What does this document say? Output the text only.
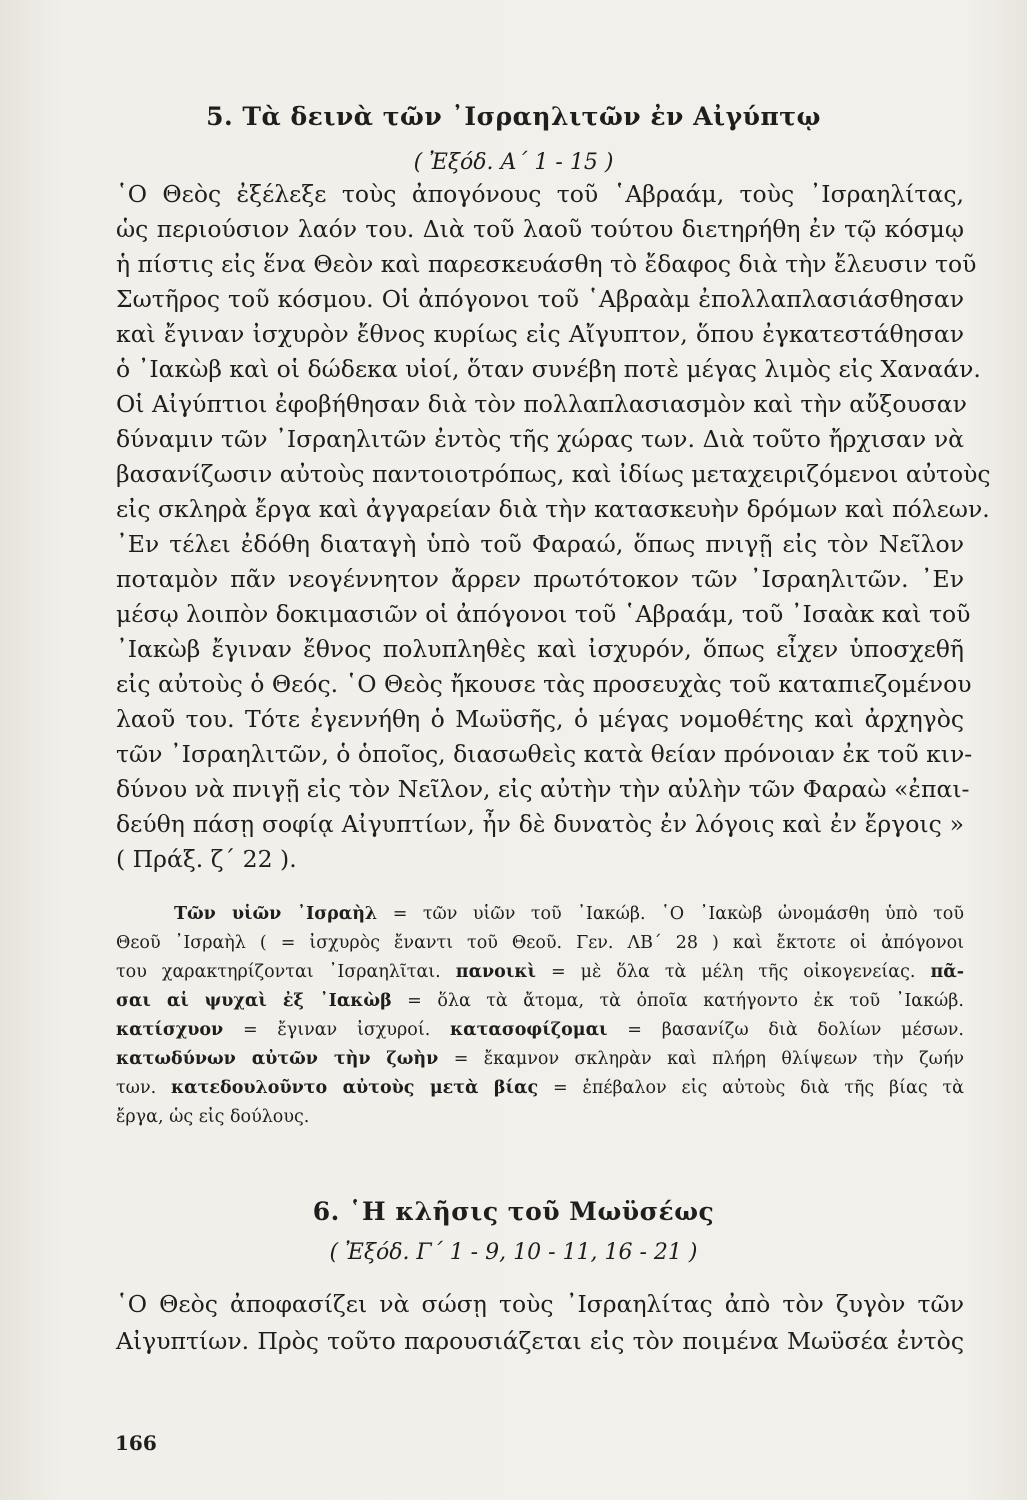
5. Τὰ δεινὰ τῶν ᾿Ισραηλιτῶν ἐν Αἰγύπτῳ
( Ἐξόδ. Α΄ 1 - 15 )
῾Ο Θεὸς ἐξέλεξε τοὺς ἀπογόνους τοῦ ῾Αβραάμ, τοὺς ᾿Ισραηλίτας,
ὡς περιούσιον λαόν του. Διὰ τοῦ λαοῦ τούτου διετηρήθη ἐν τῷ κόσμῳ
ἡ πίστις εἰς ἕνα Θεὸν καὶ παρεσκευάσθη τὸ ἔδαφος διὰ τὴν ἔλευσιν τοῦ
Σωτῆρος τοῦ κόσμου. Οἱ ἀπόγονοι τοῦ ῾Αβραὰμ ἐπολλαπλασιάσθησαν
καὶ ἔγιναν ἰσχυρὸν ἔθνος κυρίως εἰς Αἴγυπτον, ὅπου ἐγκατεστάθησαν
ὁ ᾿Ιακὼβ καὶ οἱ δώδεκα υἱοί, ὅταν συνέβη ποτὲ μέγας λιμὸς εἰς Χαναάν.
Οἱ Αἰγύπτιοι ἐφοβήθησαν διὰ τὸν πολλαπλασιασμὸν καὶ τὴν αὔξουσαν
δύναμιν τῶν ᾿Ισραηλιτῶν ἐντὸς τῆς χώρας των. Διὰ τοῦτο ἤρχισαν νὰ
βασανίζωσιν αὐτοὺς παντοιοτρόπως, καὶ ἰδίως μεταχειριζόμενοι αὐτοὺς
εἰς σκληρὰ ἔργα καὶ ἀγγαρείαν διὰ τὴν κατασκευὴν δρόμων καὶ πόλεων.
᾿Εν τέλει ἐδόθη διαταγὴ ὑπὸ τοῦ Φαραώ, ὅπως πνιγῇ εἰς τὸν Νεῖλον
ποταμὸν πᾶν νεογέννητον ἄρρεν πρωτότοκον τῶν ᾿Ισραηλιτῶν. ᾿Εν
μέσῳ λοιπὸν δοκιμασιῶν οἱ ἀπόγονοι τοῦ ῾Αβραάμ, τοῦ ᾿Ισαὰκ καὶ τοῦ
᾿Ιακὼβ ἔγιναν ἔθνος πολυπληθὲς καὶ ἰσχυρόν, ὅπως εἶχεν ὑποσχεθῆ
εἰς αὐτοὺς ὁ Θεός. ῾Ο Θεὸς ἤκουσε τὰς προσευχὰς τοῦ καταπιεζομένου
λαοῦ του. Τότε ἐγεννήθη ὁ Μωϋσῆς, ὁ μέγας νομοθέτης καὶ ἀρχηγὸς
τῶν ᾿Ισραηλιτῶν, ὁ ὁποῖος, διασωθεὶς κατὰ θείαν πρόνοιαν ἐκ τοῦ κιν-
δύνου νὰ πνιγῇ εἰς τὸν Νεῖλον, εἰς αὐτὴν τὴν αὐλὴν τῶν Φαραὼ «ἐπαι-
δεύθη πάσῃ σοφίᾳ Αἰγυπτίων, ἦν δὲ δυνατὸς ἐν λόγοις καὶ ἐν ἔργοις »
( Πράξ. ζ΄ 22 ).
Τῶν υἱῶν ᾿Ισραὴλ = τῶν υἱῶν τοῦ ᾿Ιακώβ. ῾Ο ᾿Ιακὼβ ὠνομάσθη ὑπὸ τοῦ
Θεοῦ ᾿Ισραὴλ ( = ἰσχυρὸς ἔναντι τοῦ Θεοῦ. Γεν. ΛΒ΄ 28 ) καὶ ἔκτοτε οἱ ἀπόγονοι
του χαρακτηρίζονται ᾿Ισραηλῖται. πανοικὶ = μὲ ὅλα τὰ μέλη τῆς οἰκογενείας. πᾶ-
σαι αἱ ψυχαὶ ἐξ ᾿Ιακὼβ = ὅλα τὰ ἄτομα, τὰ ὁποῖα κατήγοντο ἐκ τοῦ ᾿Ιακώβ.
κατίσχυον = ἔγιναν ἰσχυροί. κατασοφίζομαι = βασανίζω διὰ δολίων μέσων.
κατωδύνων αὐτῶν τὴν ζωὴν = ἔκαμνον σκληρὰν καὶ πλήρη θλίψεων τὴν ζωήν
των. κατεδουλοῦντο αὐτοὺς μετὰ βίας = ἐπέβαλον εἰς αὐτοὺς διὰ τῆς βίας τὰ
ἔργα, ὡς εἰς δούλους.
6. ῾Η κλῆσις τοῦ Μωϋσέως
( Ἐξόδ. Γ΄ 1 - 9, 10 - 11, 16 - 21 )
῾Ο Θεὸς ἀποφασίζει νὰ σώσῃ τοὺς ᾿Ισραηλίτας ἀπὸ τὸν ζυγὸν τῶν
Αἰγυπτίων. Πρὸς τοῦτο παρουσιάζεται εἰς τὸν ποιμένα Μωϋσέα ἐντὸς
166
